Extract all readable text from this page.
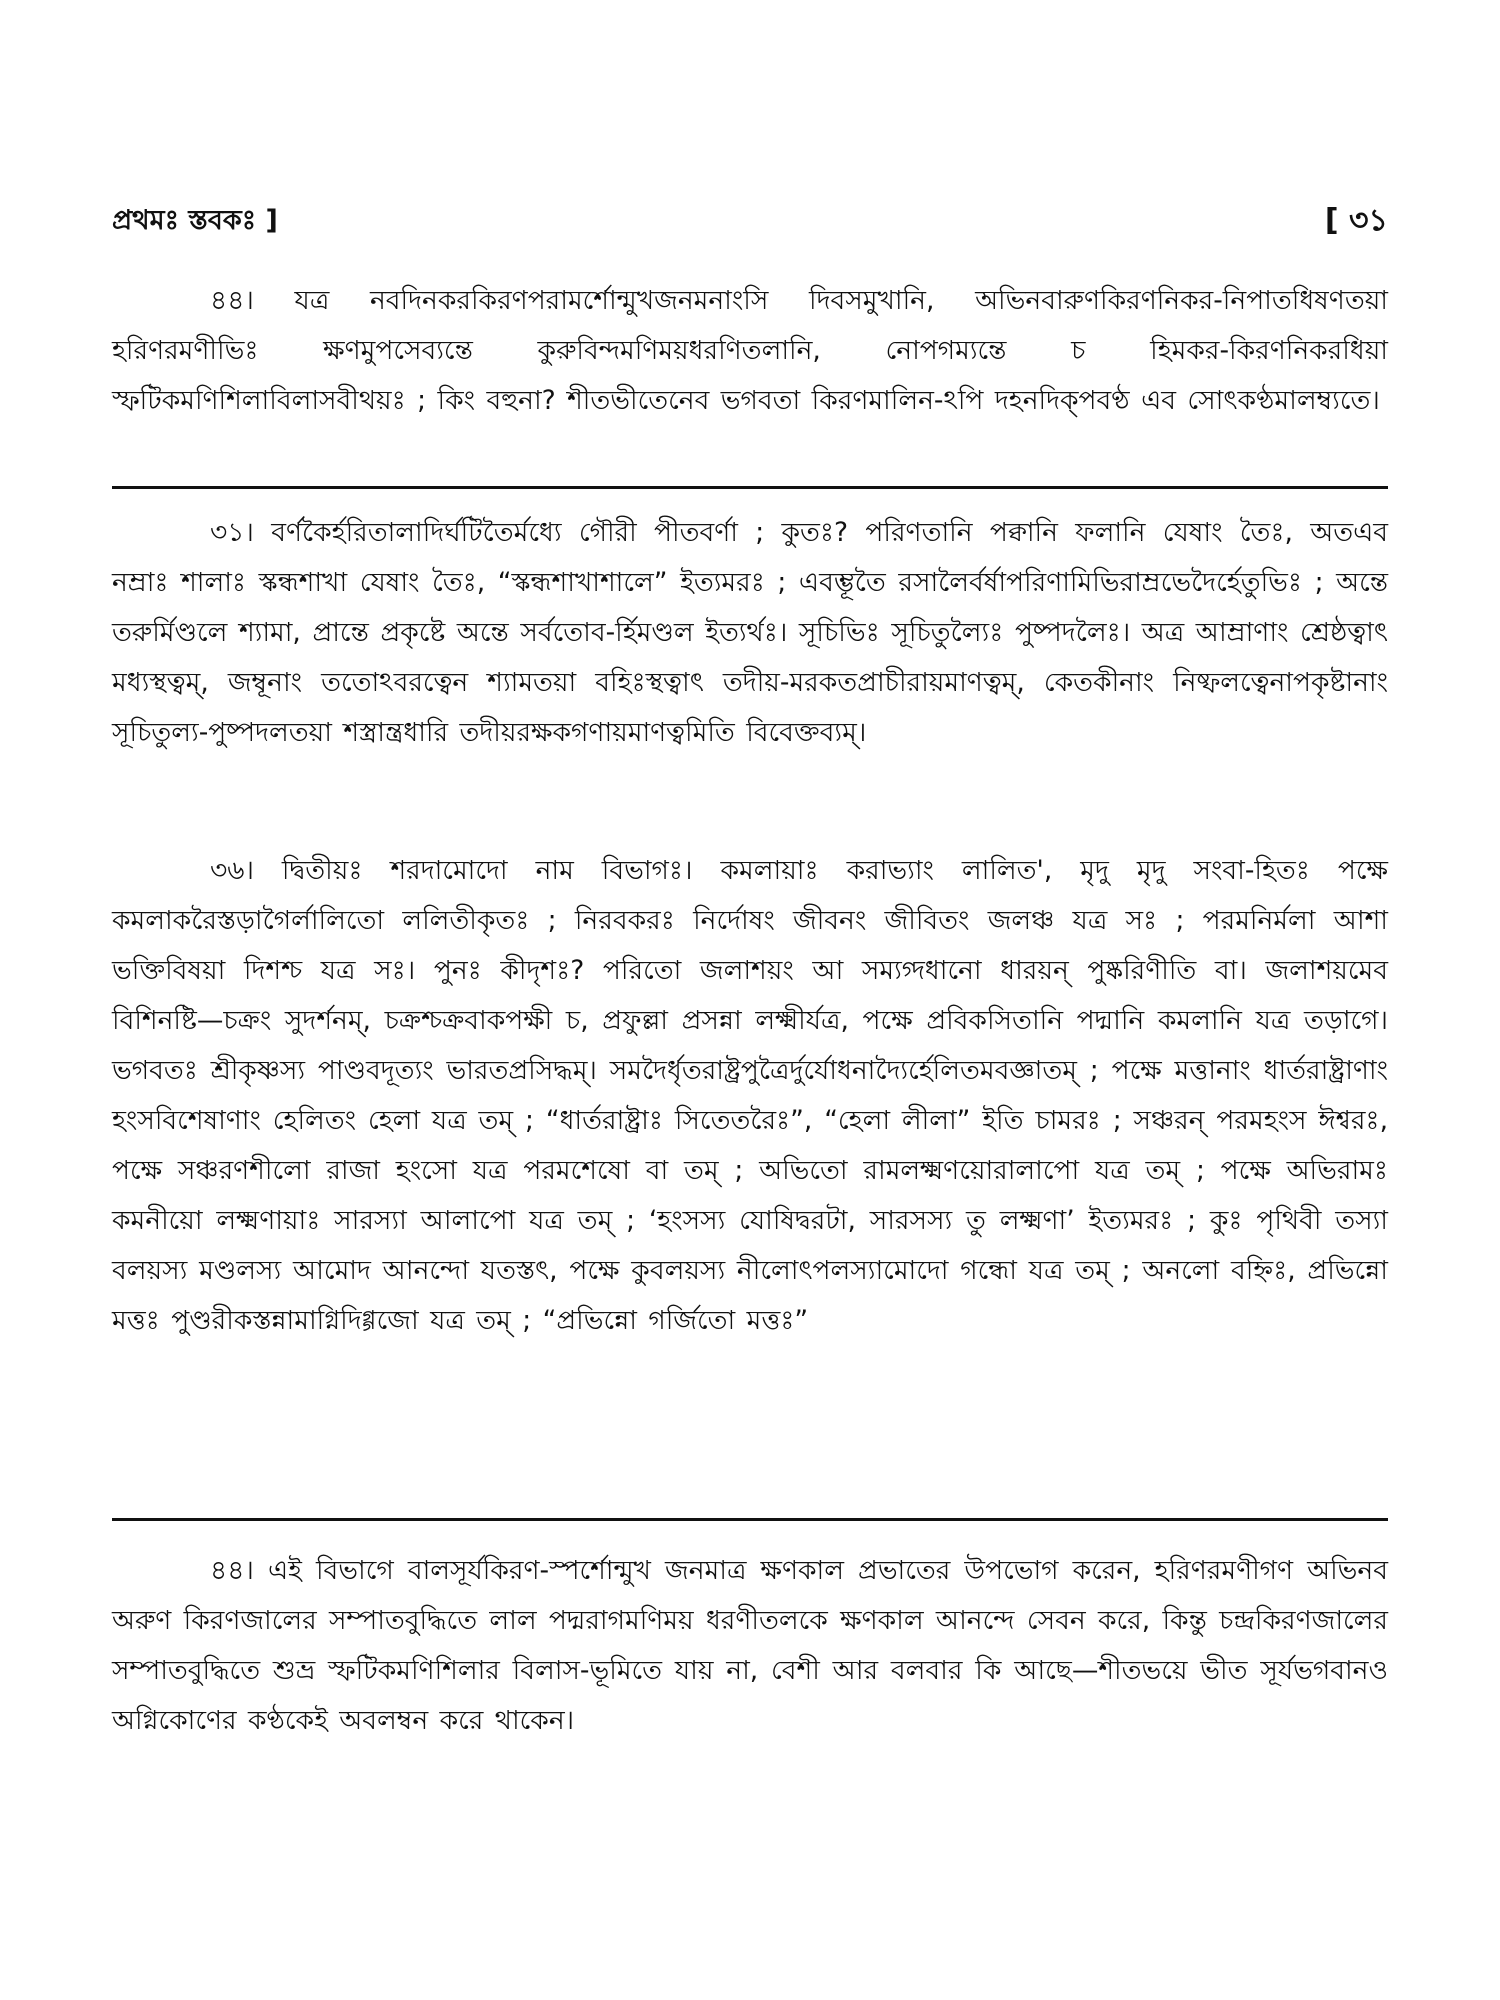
প্রথমঃ স্তবকঃ ]	[ ৩১

৪৪। যত্র নবদিনকরকিরণপরামর্শোন্মুখজনমনাংসি দিবসমুখানি, অভিনবারুণকিরণনিকর-নিপাতধিষণতয়া হরিণরমণীভিঃ ক্ষণমুপসেব্যন্তে কুরুবিন্দমণিময়ধরণিতলানি, নোপগম্যন্তে চ হিমকর-কিরণনিকরধিয়া স্ফটিকমণিশিলাবিলাসবীথয়ঃ ; কিং বহুনা? শীতভীতেনেব ভগবতা কিরণমালিন-ঽপি দহনদিক্পবণ্ঠ এব সোৎকণ্ঠমালম্ব্যতে।

৩১। বর্ণকৈর্হরিতালাদির্ঘটিতৈর্মধ্যে গৌরী পীতবর্ণা ; কুতঃ? পরিণতানি পক্বানি ফলানি যেষাং তৈঃ, অতএব নম্রাঃ শালাঃ স্কন্ধশাখা যেষাং তৈঃ, “স্কন্ধশাখাশালে” ইত্যমরঃ ; এবম্ভূতৈ রসালৈর্বর্ষাপরিণামিভিরাম্রভেদৈর্হেতুভিঃ ; অন্তে তরুর্মিণ্ডলে শ্যামা, প্রান্তে প্রকৃষ্টে অন্তে সর্বতোব-র্হিমণ্ডল ইত্যর্থঃ। সূচিভিঃ সূচিতুল্যৈঃ পুষ্পদলৈঃ। অত্র আম্রাণাং শ্রেষ্ঠত্বাৎ মধ্যস্থত্বম্, জম্বূনাং ততোঽবরত্বেন শ্যামতয়া বহিঃস্থত্বাৎ তদীয়-মরকতপ্রাচীরায়মাণত্বম্, কেতকীনাং নিষ্ফলত্বেনাপকৃষ্টানাং সূচিতুল্য-পুষ্পদলতয়া শস্ত্রান্ত্রধারি তদীয়রক্ষকগণায়মাণত্বমিতি বিবেক্তব্যম্।

৩৬। দ্বিতীয়ঃ শরদামোদো নাম বিভাগঃ। কমলায়াঃ করাভ্যাং লালিত', মৃদু মৃদু সংবা-হিতঃ পক্ষে কমলাকরৈস্তড়াগৈর্লালিতো ললিতীকৃতঃ ; নিরবকরঃ নির্দোষং জীবনং জীবিতং জলঞ্চ যত্র সঃ ; পরমনির্মলা আশা ভক্তিবিষয়া দিশশ্চ যত্র সঃ। পুনঃ কীদৃশঃ? পরিতো জলাশয়ং আ সম্যগ্দধানো ধারয়ন্ পুষ্করিণীতি বা। জলাশয়মেব বিশিনষ্টি—চক্রং সুদর্শনম্, চক্রশ্চক্রবাকপক্ষী চ, প্রফুল্লা প্রসন্না লক্ষ্মীর্যত্র, পক্ষে প্রবিকসিতানি পদ্মানি কমলানি যত্র তড়াগে। ভগবতঃ শ্রীকৃষ্ণস্য পাণ্ডবদূত্যং ভারতপ্রসিদ্ধম্। সমদৈর্ধৃতরাষ্ট্রপুত্রৈর্দুর্যোধনাদ্যৈর্হেলিতমবজ্ঞাতম্ ; পক্ষে মত্তানাং ধার্তরাষ্ট্রাণাং হংসবিশেষাণাং হেলিতং হেলা যত্র তম্ ; “ধার্তরাষ্ট্রাঃ সিতেতরৈঃ”, “হেলা লীলা” ইতি চামরঃ ; সঞ্চরন্ পরমহংস ঈশ্বরঃ, পক্ষে সঞ্চরণশীলো রাজা হংসো যত্র পরমশেষো বা তম্ ; অভিতো রামলক্ষ্মণয়োরালাপো যত্র তম্ ; পক্ষে অভিরামঃ কমনীয়ো লক্ষ্মণায়াঃ সারস্যা আলাপো যত্র তম্ ; ‘হংসস্য যোষিদ্বরটা, সারসস্য তু লক্ষ্মণা’ ইত্যমরঃ ; কুঃ পৃথিবী তস্যা বলয়স্য মণ্ডলস্য আমোদ আনন্দো যতস্তৎ, পক্ষে কুবলয়স্য নীলোৎপলস্যামোদো গন্ধো যত্র তম্ ; অনলো বহ্নিঃ, প্রভিন্নো মত্তঃ পুণ্ডরীকস্তন্নামাগ্নিদিগ্গজো যত্র তম্ ; “প্রভিন্নো গর্জিতো মত্তঃ”

৪৪। এই বিভাগে বালসূর্যকিরণ-স্পর্শোন্মুখ জনমাত্র ক্ষণকাল প্রভাতের উপভোগ করেন, হরিণরমণীগণ অভিনব অরুণ কিরণজালের সম্পাতবুদ্ধিতে লাল পদ্মরাগমণিময় ধরণীতলকে ক্ষণকাল আনন্দে সেবন করে, কিন্তু চন্দ্রকিরণজালের সম্পাতবুদ্ধিতে শুভ্র স্ফটিকমণিশিলার বিলাস-ভূমিতে যায় না, বেশী আর বলবার কি আছে—শীতভয়ে ভীত সূর্যভগবানও অগ্নিকোণের কণ্ঠকেই অবলম্বন করে থাকেন।
